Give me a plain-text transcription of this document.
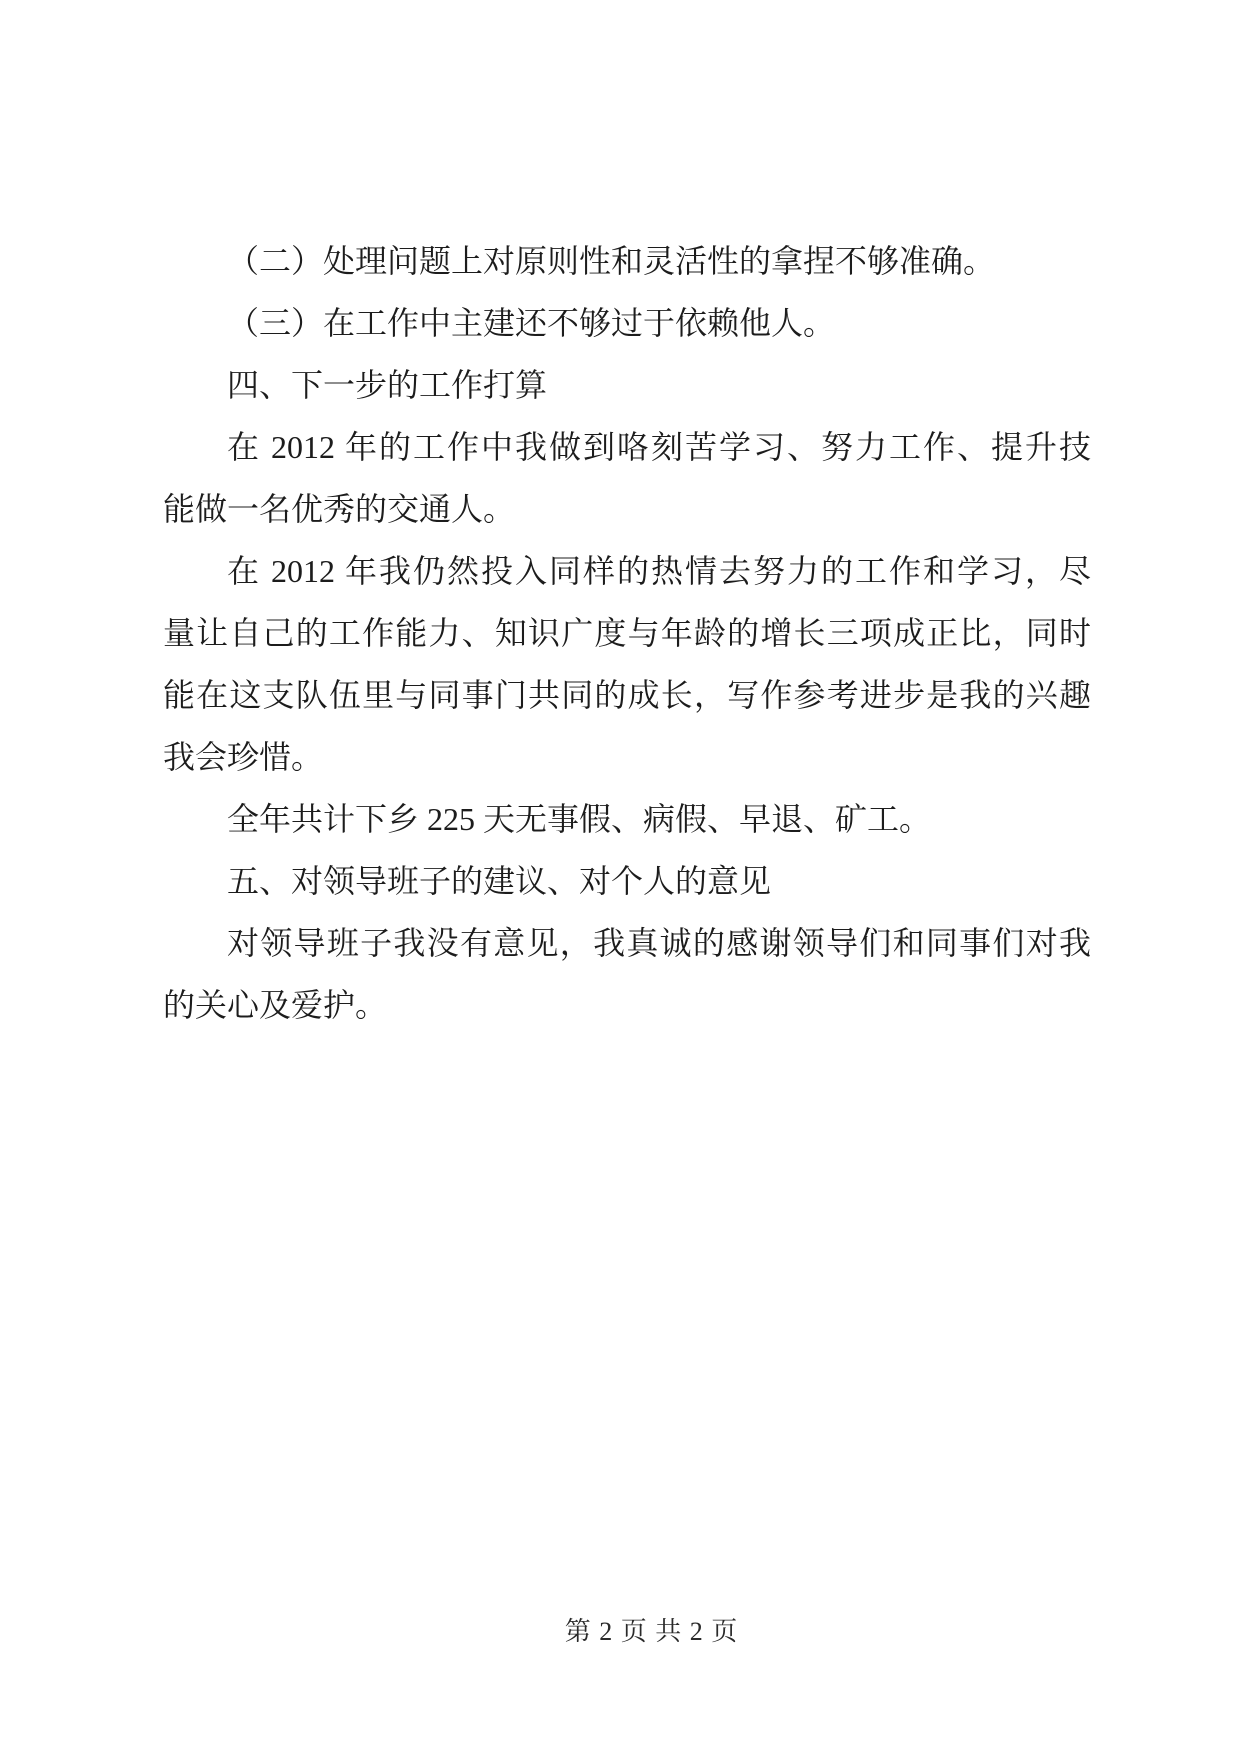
（二）处理问题上对原则性和灵活性的拿捏不够准确。
（三）在工作中主建还不够过于依赖他人。
四、下一步的工作打算
在 2012 年的工作中我做到咯刻苦学习、努力工作、提升技
能做一名优秀的交通人。
在 2012 年我仍然投入同样的热情去努力的工作和学习，尽
量让自己的工作能力、知识广度与年龄的增长三项成正比，同时
能在这支队伍里与同事门共同的成长，写作参考进步是我的兴趣
我会珍惜。
全年共计下乡 225 天无事假、病假、早退、矿工。
五、对领导班子的建议、对个人的意见
对领导班子我没有意见，我真诚的感谢领导们和同事们对我
的关心及爱护。
第 2 页 共 2 页
